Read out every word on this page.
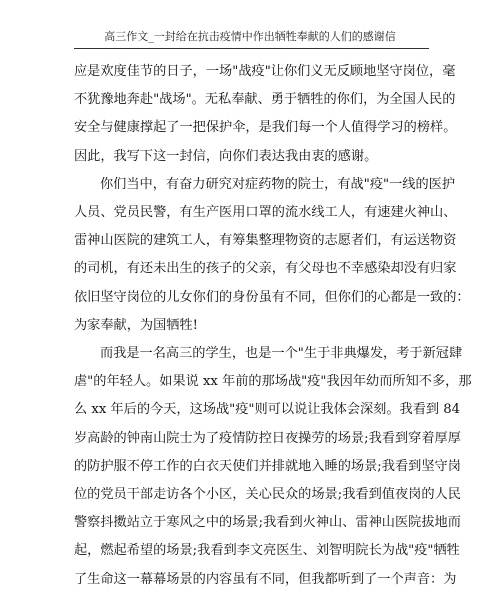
高三作文_一封给在抗击疫情中作出牺牲奉献的人们的感谢信

应是欢度佳节的日子，一场"战疫"让你们义无反顾地坚守岗位，毫
不犹豫地奔赴"战场"。无私奉献、勇于牺牲的你们，为全国人民的
安全与健康撑起了一把保护伞，是我们每一个人值得学习的榜样。
因此，我写下这一封信，向你们表达我由衷的感谢。

你们当中，有奋力研究对症药物的院士，有战"疫"一线的医护
人员、党员民警，有生产医用口罩的流水线工人，有速建火神山、
雷神山医院的建筑工人，有筹集整理物资的志愿者们，有运送物资
的司机，有还未出生的孩子的父亲，有父母也不幸感染却没有归家
依旧坚守岗位的儿女你们的身份虽有不同，但你们的心都是一致的：
为家奉献，为国牺牲!

而我是一名高三的学生，也是一个"生于非典爆发，考于新冠肆
虐"的年轻人。如果说 xx 年前的那场战"疫"我因年幼而所知不多，那
么 xx 年后的今天，这场战"疫"则可以说让我体会深刻。我看到 84
岁高龄的钟南山院士为了疫情防控日夜操劳的场景;我看到穿着厚厚
的防护服不停工作的白衣天使们并排就地入睡的场景;我看到坚守岗
位的党员干部走访各个小区，关心民众的场景;我看到值夜岗的人民
警察抖擞站立于寒风之中的场景;我看到火神山、雷神山医院拔地而
起，燃起希望的场景;我看到李文亮医生、刘智明院长为战"疫"牺牲
了生命这一幕幕场景的内容虽有不同，但我都听到了一个声音：为
